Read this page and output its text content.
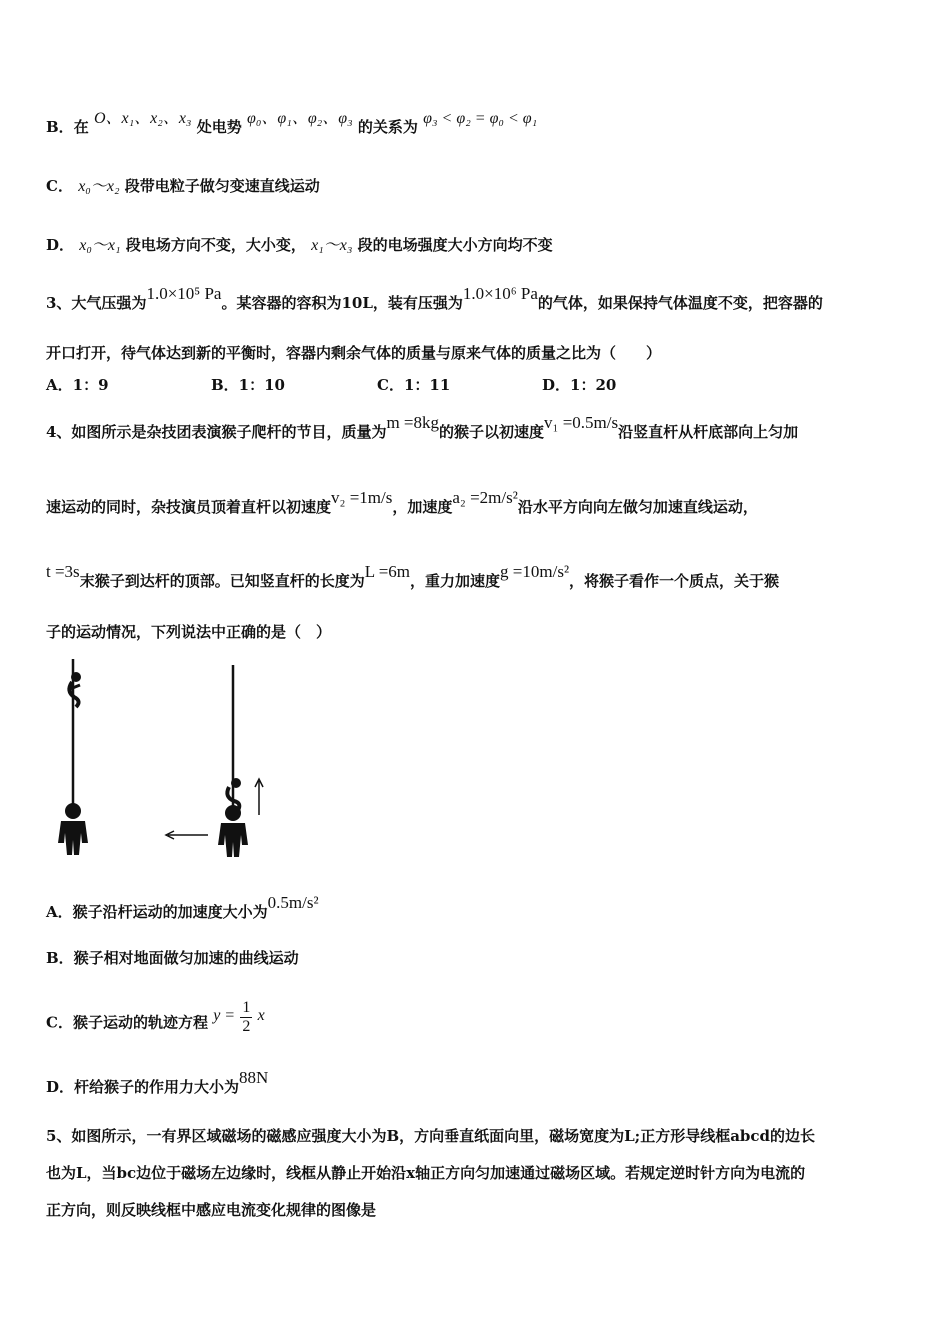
B．在 O、x₁、x₂、x₃ 处电势 φ₀、φ₁、φ₂、φ₃ 的关系为 φ₃ < φ₂ = φ₀ < φ₁
C． x₀～x₂ 段带电粒子做匀变速直线运动
D． x₀～x₁ 段电场方向不变，大小变， x₁～x₃ 段的电场强度大小方向均不变
3、大气压强为1.0×10⁵ Pa。某容器的容积为10L，装有压强为1.0×10⁶ Pa的气体，如果保持气体温度不变，把容器的
开口打开，待气体达到新的平衡时，容器内剩余气体的质量与原来气体的质量之比为（　　）
A．1：9	B．1：10	C．1：11	D．1：20
4、如图所示是杂技团表演猴子爬杆的节目，质量为m =8kg的猴子以初速度v₁ =0.5m/s沿竖直杆从杆底部向上匀加
速运动的同时，杂技演员顶着直杆以初速度v₂ =1m/s，加速度a₂ =2m/s²沿水平方向向左做匀加速直线运动，
t =3s末猴子到达杆的顶部。已知竖直杆的长度为L =6m，重力加速度g =10m/s²，将猴子看作一个质点，关于猴
子的运动情况，下列说法中正确的是（　）
A．猴子沿杆运动的加速度大小为0.5m/s²
B．猴子相对地面做匀加速的曲线运动
C．猴子运动的轨迹方程 $y = \frac{1}{2}$ x
D．杆给猴子的作用力大小为88N
5、如图所示，一有界区域磁场的磁感应强度大小为B，方向垂直纸面向里，磁场宽度为L;正方形导线框abcd的边长
也为L，当bc边位于磁场左边缘时，线框从静止开始沿x轴正方向匀加速通过磁场区域。若规定逆时针方向为电流的
正方向，则反映线框中感应电流变化规律的图像是
